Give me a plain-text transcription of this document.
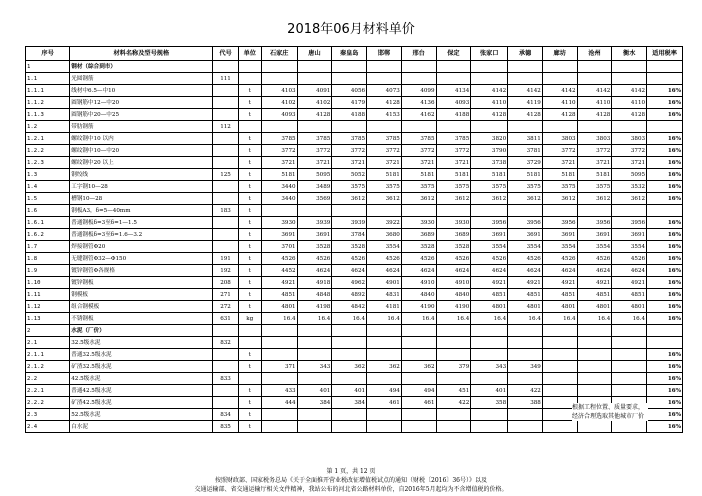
2018年06月材料单价
序号	材料名称及型号规格	代号	单位	石家庄	唐山	秦皇岛	邯郸	邢台	保定	张家口	承德	廊坊	沧州	衡水	适用税率
1	钢材（综合到市）														
1.1	光圆钢筋	111													
1.1.1	线材中6.5—中10		t	4103	4091	4056	4073	4099	4134	4142	4142	4142	4142	4142	16%
1.1.2	圆钢筋中12—中20		t	4102	4102	4179	4128	4136	4093	4110	4119	4110	4110	4110	16%
1.1.3	圆钢筋中20—中25		t	4093	4128	4188	4153	4162	4188	4128	4128	4128	4128	4128	16%
1.2	带肋钢筋	112													
1.2.1	螺纹钢中10 以内		t	3785	3785	3785	3785	3785	3785	3820	3811	3803	3803	3803	16%
1.2.2	螺纹钢中10—中20		t	3772	3772	3772	3772	3772	3772	3790	3781	3772	3772	3772	16%
1.2.3	螺纹钢中20 以上		t	3721	3721	3721	3721	3721	3721	3738	3729	3721	3721	3721	16%
1.3	钢绞线	125	t	5181	5095	5052	5181	5181	5181	5181	5181	5181	5181	5095	16%
1.4	工字钢10—28		t	3440	3489	3575	3575	3575	3575	3575	3575	3575	3575	3532	16%
1.5	槽钢10—28		t	3440	3569	3612	3612	3612	3612	3612	3612	3612	3612	3612	16%
1.6	钢板A3，δ=5—40mm	183	t												
1.6.1	普通钢板δ=3至δ=1—1.5		t	3930	3939	3939	3922	3930	3930	3956	3956	3956	3956	3956	16%
1.6.2	普通钢板δ=3至δ=1.6—3.2		t	3691	3691	3784	3680	3689	3689	3691	3691	3691	3691	3691	16%
1.7	焊接钢管Φ20		t	3701	3528	3528	3554	3528	3528	3554	3554	3554	3554	3554	16%
1.8	无缝钢管Φ32—Φ150	191	t	4526	4526	4526	4526	4526	4526	4526	4526	4526	4526	4526	16%
1.9	镀锌钢管Φ各规格	192	t	4452	4624	4624	4624	4624	4624	4624	4624	4624	4624	4624	16%
1.10	镀锌钢板	208	t	4921	4918	4962	4901	4910	4910	4921	4921	4921	4921	4921	16%
1.11	钢模板	271	t	4851	4848	4892	4831	4840	4840	4851	4851	4851	4851	4851	16%
1.12	组合钢模板	272	t	4801	4198	4842	4181	4190	4190	4801	4801	4801	4801	4801	16%
1.13	不锈钢板	631	kg	16.4	16.4	16.4	16.4	16.4	16.4	16.4	16.4	16.4	16.4	16.4	16%
2	水泥（厂价）														
2.1	32.5级水泥	832													
2.1.1	普通32.5级水泥		t												16%
2.1.2	矿渣32.5级水泥		t	371	343	362	362	362	379	343	349				16%
2.2	42.5级水泥	833													16%
2.2.1	普通42.5级水泥		t	433	401	401	494	494	451	401	422				16%
2.2.2	矿渣42.5级水泥		t	444	384	384	461	461	422	358	388				16%
2.3	52.5级水泥	834	t												16%
2.4	白水泥	835	t												16%
根据工程位置、质量要求，经济合理选取其他城市厂价
第 1 页，共 12 页
按照财政部、国家税务总局《关于全面推开营业税改征增值税试点的通知（财税〔2016〕36号）》以及
交通运输部、省交通运输厅相关文件精神，我站公布的河北省公路材料单价，自2016年5月起均为不含增值税的价格。
